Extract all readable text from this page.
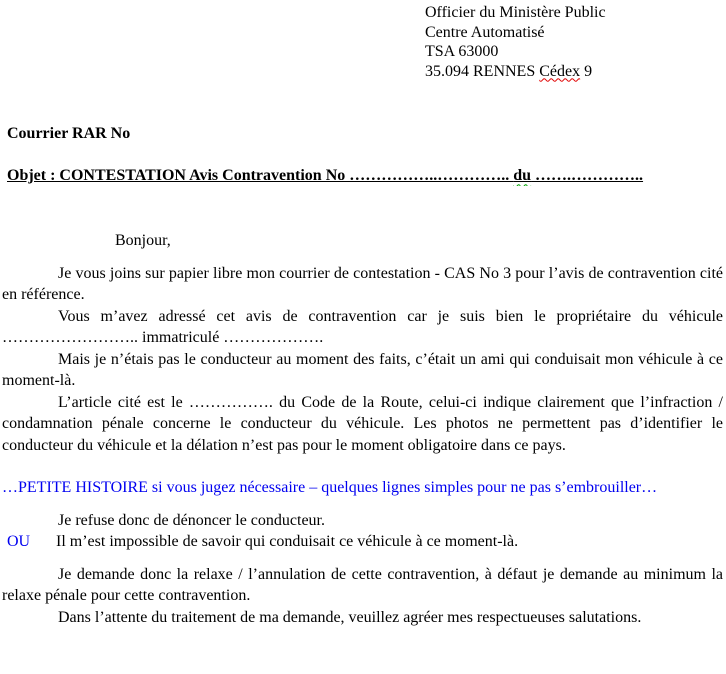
Officier du Ministère Public
Centre Automatisé
TSA 63000
35.094 RENNES Cédex 9

Courrier RAR No

Objet : CONTESTATION Avis Contravention No ……………..………….. du …….…………..

Bonjour,

Je vous joins sur papier libre mon courrier de contestation - CAS No 3 pour l’avis de contravention cité en référence.

Vous m’avez adressé cet avis de contravention car je suis bien le propriétaire du véhicule …………………….. immatriculé ……………….

Mais je n’étais pas le conducteur au moment des faits, c’était un ami qui conduisait mon véhicule à ce moment-là.

L’article cité est le ……………. du Code de la Route, celui-ci indique clairement que l’infraction / condamnation pénale concerne le conducteur du véhicule. Les photos ne permettent pas d’identifier le conducteur du véhicule et la délation n’est pas pour le moment obligatoire dans ce pays.

…PETITE HISTOIRE si vous jugez nécessaire – quelques lignes simples pour ne pas s’embrouiller…

Je refuse donc de dénoncer le conducteur.

OU Il m’est impossible de savoir qui conduisait ce véhicule à ce moment-là.

Je demande donc la relaxe / l’annulation de cette contravention, à défaut je demande au minimum la relaxe pénale pour cette contravention.

Dans l’attente du traitement de ma demande, veuillez agréer mes respectueuses salutations.
